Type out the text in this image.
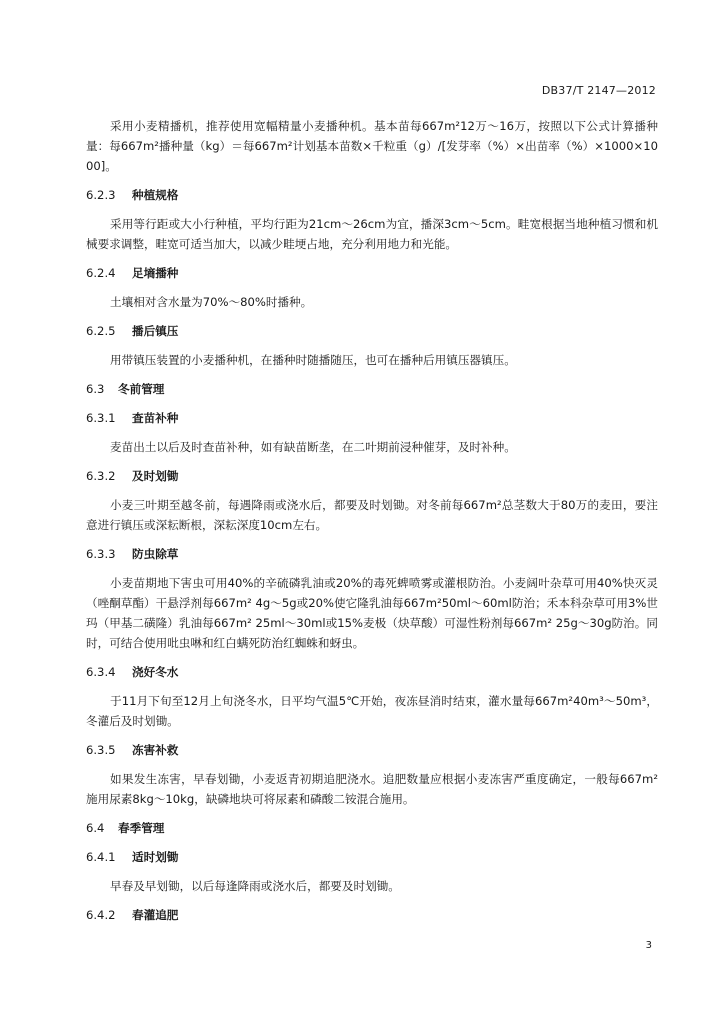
DB37/T 2147—2012

采用小麦精播机，推荐使用宽幅精量小麦播种机。基本苗每667m²12万～16万，按照以下公式计算播种量：每667m²播种量（kg）＝每667m²计划基本苗数×千粒重（g）/[发芽率（%）×出苗率（%）×1000×1000]。

6.2.3 种植规格

采用等行距或大小行种植，平均行距为21cm～26cm为宜，播深3cm～5cm。畦宽根据当地种植习惯和机械要求调整，畦宽可适当加大，以减少畦埂占地，充分利用地力和光能。

6.2.4 足墒播种

土壤相对含水量为70%～80%时播种。

6.2.5 播后镇压

用带镇压装置的小麦播种机，在播种时随播随压，也可在播种后用镇压器镇压。

6.3 冬前管理
6.3.1 查苗补种

麦苗出土以后及时查苗补种，如有缺苗断垄，在二叶期前浸种催芽，及时补种。

6.3.2 及时划锄

小麦三叶期至越冬前，每遇降雨或浇水后，都要及时划锄。对冬前每667m²总茎数大于80万的麦田，要注意进行镇压或深耘断根，深耘深度10cm左右。

6.3.3 防虫除草

小麦苗期地下害虫可用40%的辛硫磷乳油或20%的毒死蜱喷雾或灌根防治。小麦阔叶杂草可用40%快灭灵（唑酮草酯）干悬浮剂每667m² 4g～5g或20%使它隆乳油每667m²50ml～60ml防治；禾本科杂草可用3%世玛（甲基二磺隆）乳油每667m² 25ml～30ml或15%麦极（炔草酸）可湿性粉剂每667m² 25g～30g防治。同时，可结合使用吡虫啉和红白螨死防治红蜘蛛和蚜虫。

6.3.4 浇好冬水

于11月下旬至12月上旬浇冬水，日平均气温5℃开始，夜冻昼消时结束，灌水量每667m²40m³～50m³，冬灌后及时划锄。

6.3.5 冻害补救

如果发生冻害，早春划锄，小麦返青初期追肥浇水。追肥数量应根据小麦冻害严重度确定，一般每667m²施用尿素8kg～10kg，缺磷地块可将尿素和磷酸二铵混合施用。

6.4 春季管理
6.4.1 适时划锄

早春及早划锄，以后每逢降雨或浇水后，都要及时划锄。

6.4.2 春灌追肥
3
